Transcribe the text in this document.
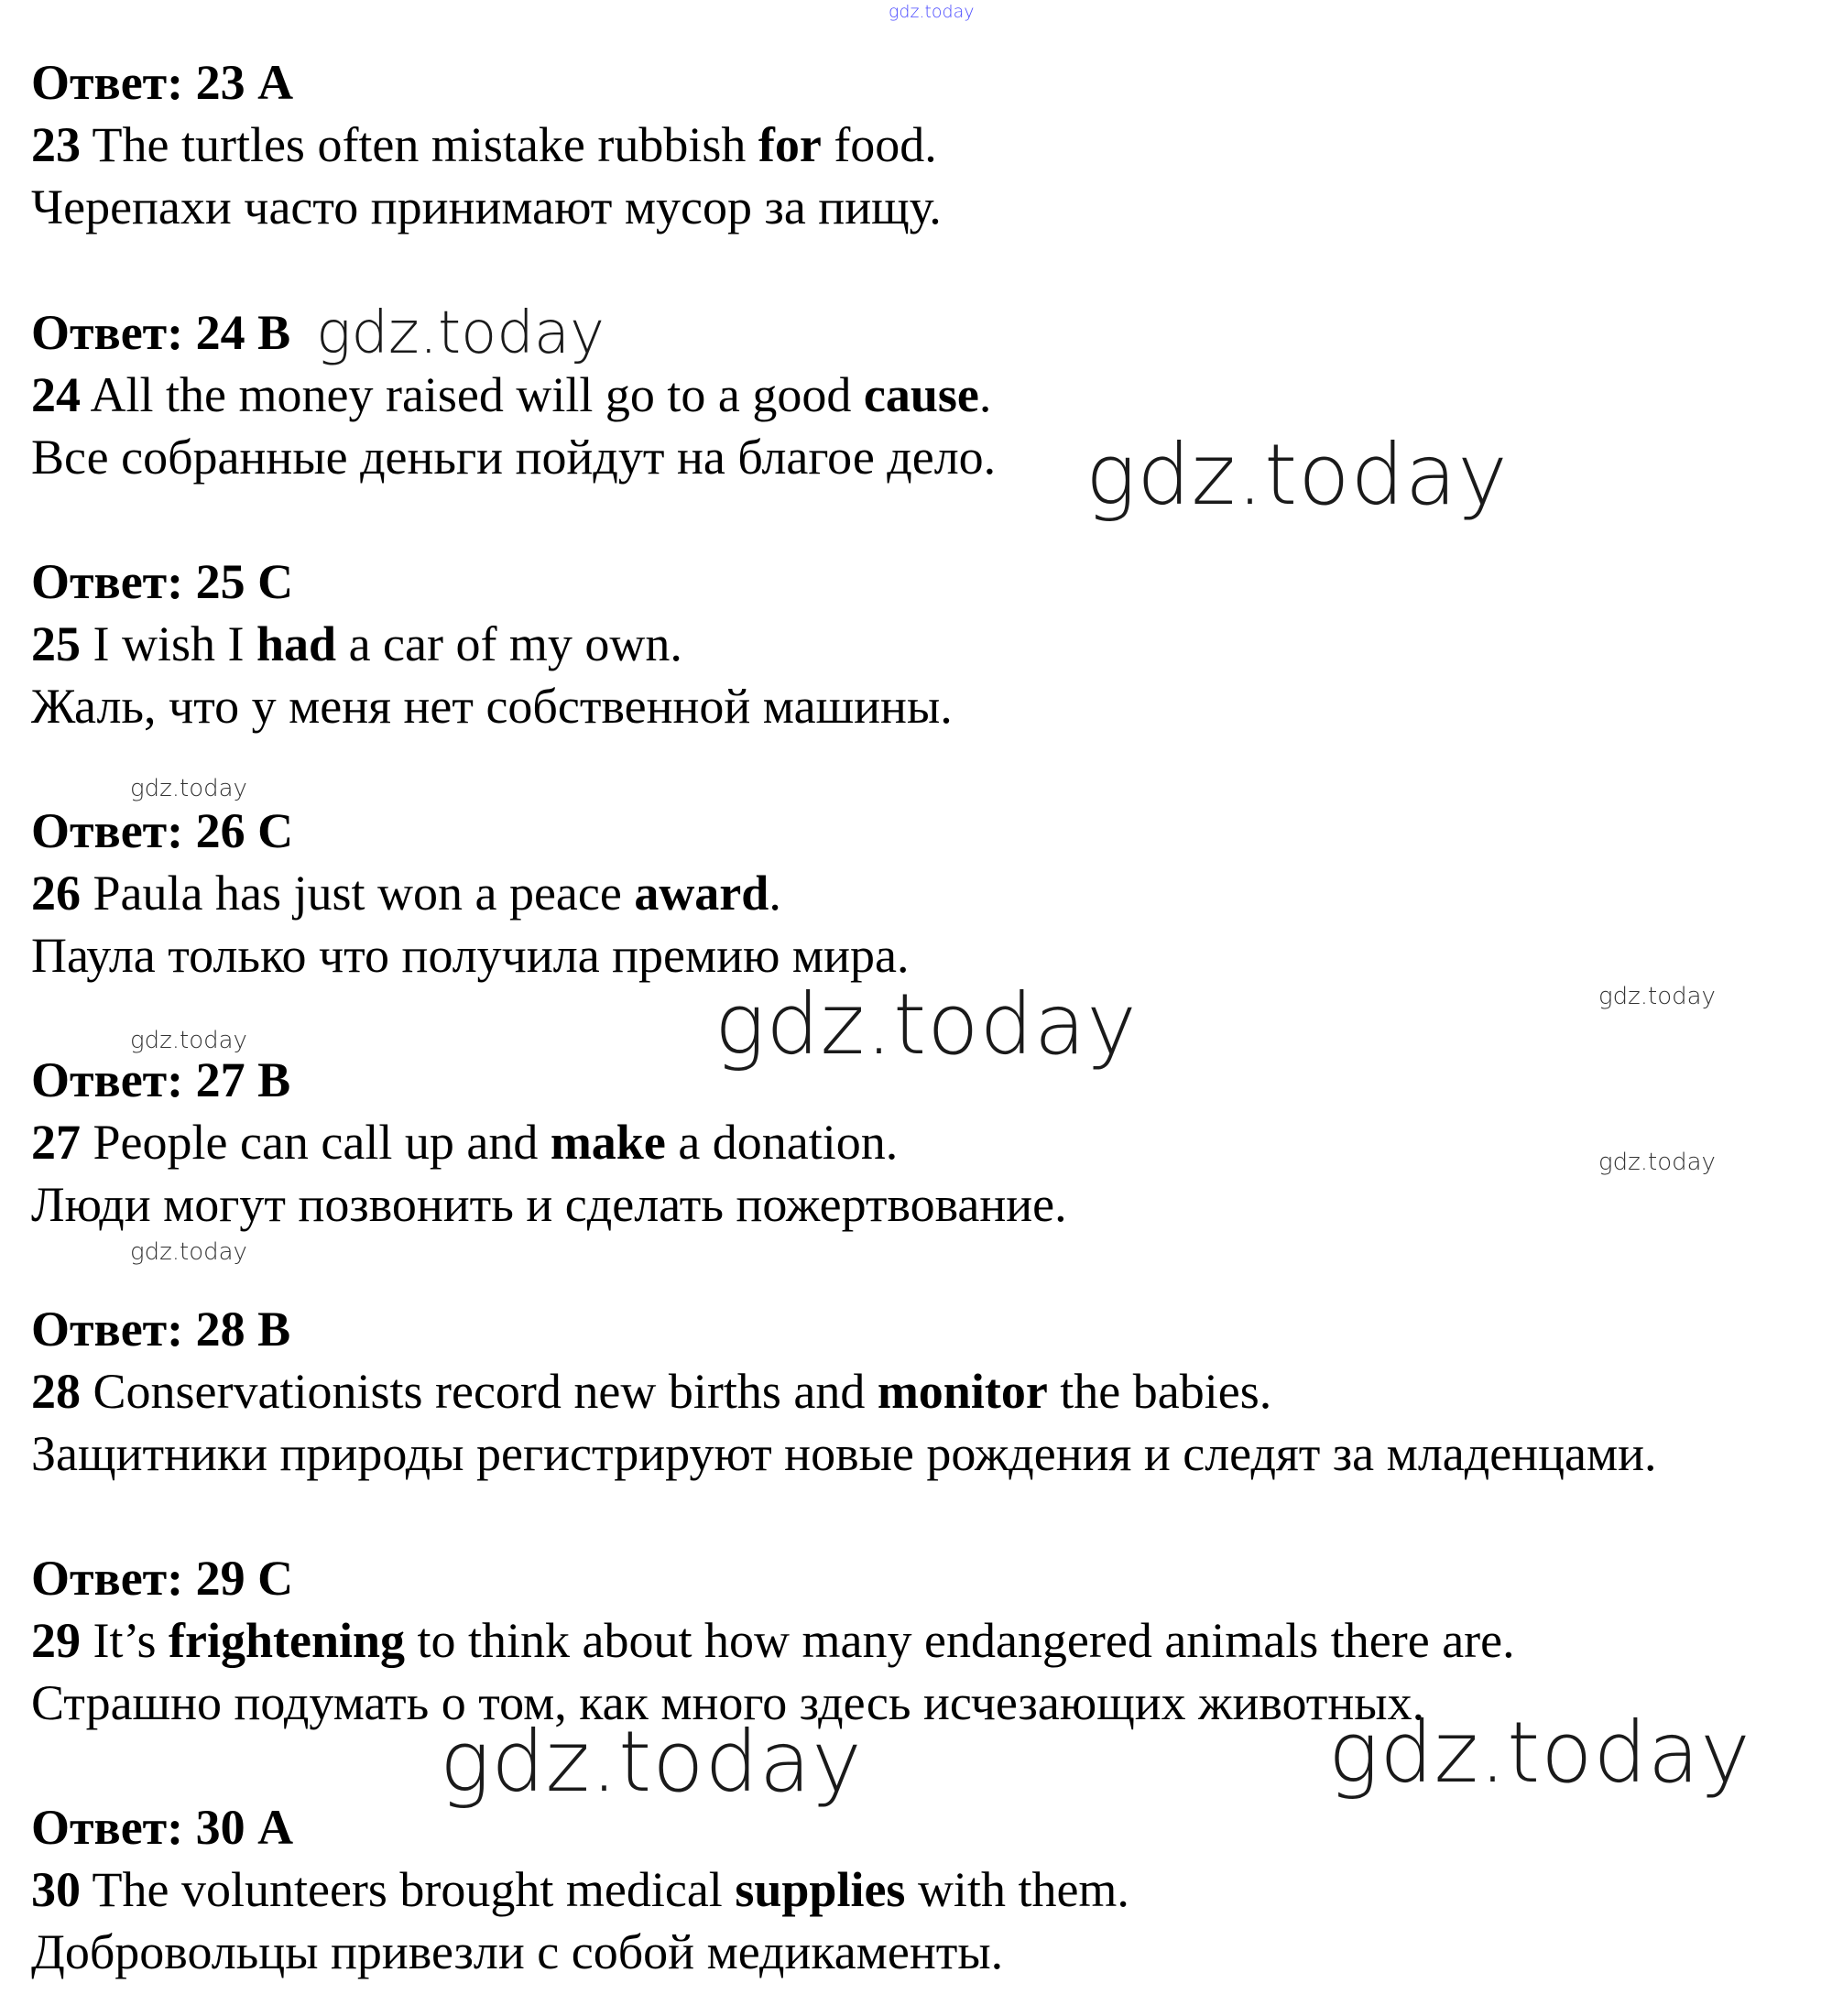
gdz.today

Ответ: 23 А

23 The turtles often mistake rubbish for food.

Черепахи часто принимают мусор за пищу.

Ответ: 24 В

24 All the money raised will go to a good cause.

Все собранные деньги пойдут на благое дело.

Ответ: 25 С

25 I wish I had a car of my own.

Жаль, что у меня нет собственной машины.

Ответ: 26 С

26 Paula has just won a peace award.

Паула только что получила премию мира.

Ответ: 27 В

27 People can call up and make a donation.

Люди могут позвонить и сделать пожертвование.

Ответ: 28 В

28 Conservationists record new births and monitor the babies.

Защитники природы регистрируют новые рождения и следят за младенцами.

Ответ: 29 С

29 It’s frightening to think about how many endangered animals there are.

Страшно подумать о том, как много здесь исчезающих животных.

Ответ: 30 А

30 The volunteers brought medical supplies with them.

Добровольцы привезли с собой медикаменты.

gdz.today
gdz.today
gdz.today
gdz.today	gdz.today
gdz.today
gdz.today
gdz.today
gdz.today	gdz.today
